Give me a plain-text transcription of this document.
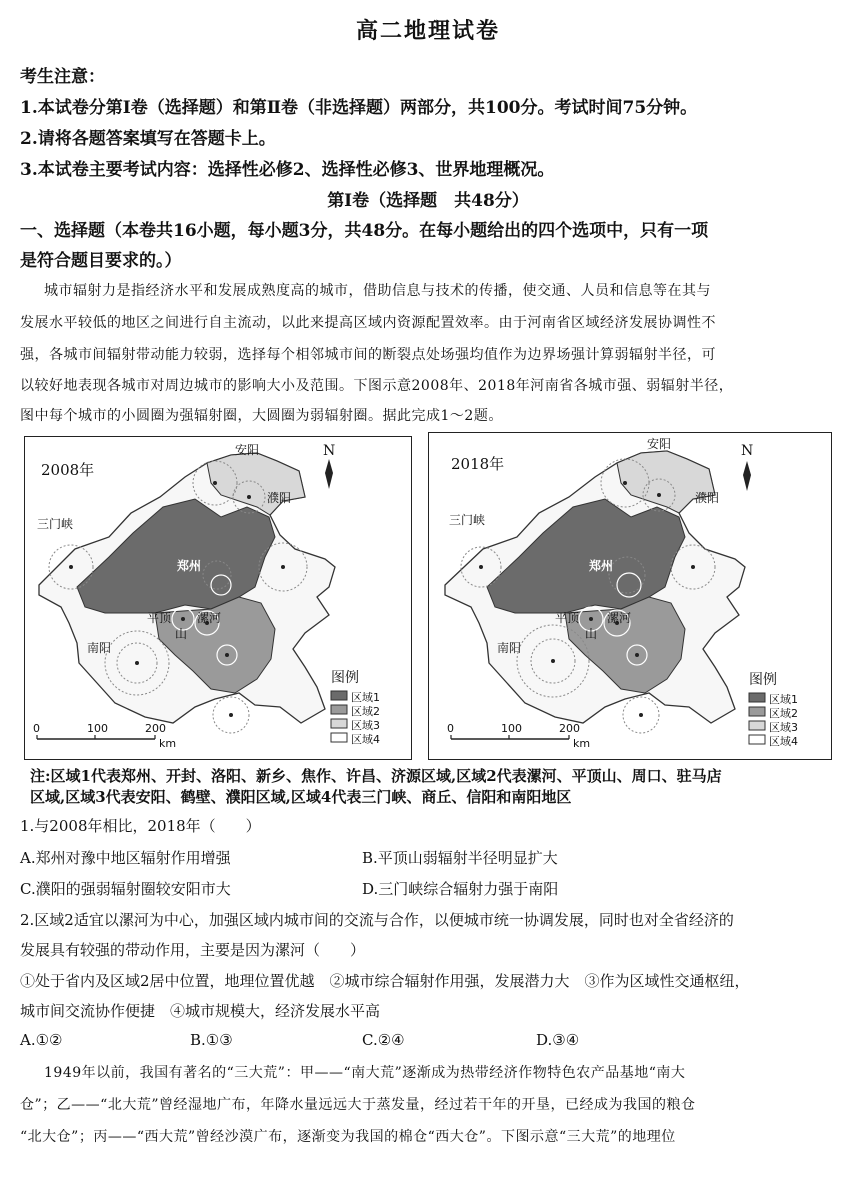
高二地理试卷
考生注意：
1.本试卷分第Ⅰ卷（选择题）和第Ⅱ卷（非选择题）两部分，共100分。考试时间75分钟。
2.请将各题答案填写在答题卡上。
3.本试卷主要考试内容：选择性必修2、选择性必修3、世界地理概况。
第Ⅰ卷（选择题　共48分）
一、选择题（本卷共16小题，每小题3分，共48分。在每小题给出的四个选项中，只有一项
是符合题目要求的。）
城市辐射力是指经济水平和发展成熟度高的城市，借助信息与技术的传播，使交通、人员和信息等在其与
发展水平较低的地区之间进行自主流动，以此来提高区域内资源配置效率。由于河南省区域经济发展协调性不
强，各城市间辐射带动能力较弱，选择每个相邻城市间的断裂点处场强均值作为边界场强计算弱辐射半径，可
以较好地表现各城市对周边城市的影响大小及范围。下图示意2008年、2018年河南省各城市强、弱辐射半径，
图中每个城市的小圆圈为强辐射圈，大圆圈为弱辐射圈。据此完成1～2题。
2008年
安阳
濮阳
三门峡
郑州
平顶
山
漯河
南阳
N
图例
区域1
区域2
区域3
区域4
0	100	200
km
2018年
安阳
濮阳
三门峡
郑州
平顶
山
漯河
南阳
N
图例
区域1
区域2
区域3
区域4
0	100	200
km
注:区域1代表郑州、开封、洛阳、新乡、焦作、许昌、济源区域,区域2代表漯河、平顶山、周口、驻马店
区域,区域3代表安阳、鹤壁、濮阳区域,区域4代表三门峡、商丘、信阳和南阳地区
1.与2008年相比，2018年（　　）
A.郑州对豫中地区辐射作用增强	B.平顶山弱辐射半径明显扩大
C.濮阳的强弱辐射圈较安阳市大	D.三门峡综合辐射力强于南阳
2.区域2适宜以漯河为中心，加强区域内城市间的交流与合作，以便城市统一协调发展，同时也对全省经济的
发展具有较强的带动作用，主要是因为漯河（　　）
①处于省内及区域2居中位置，地理位置优越　②城市综合辐射作用强，发展潜力大　③作为区域性交通枢纽，
城市间交流协作便捷　④城市规模大，经济发展水平高
A.①②	B.①③	C.②④	D.③④
1949年以前，我国有著名的“三大荒”：甲——“南大荒”逐渐成为热带经济作物特色农产品基地“南大
仓”；乙——“北大荒”曾经湿地广布，年降水量远远大于蒸发量，经过若干年的开垦，已经成为我国的粮仓
“北大仓”；丙——“西大荒”曾经沙漠广布，逐渐变为我国的棉仓“西大仓”。下图示意“三大荒”的地理位
